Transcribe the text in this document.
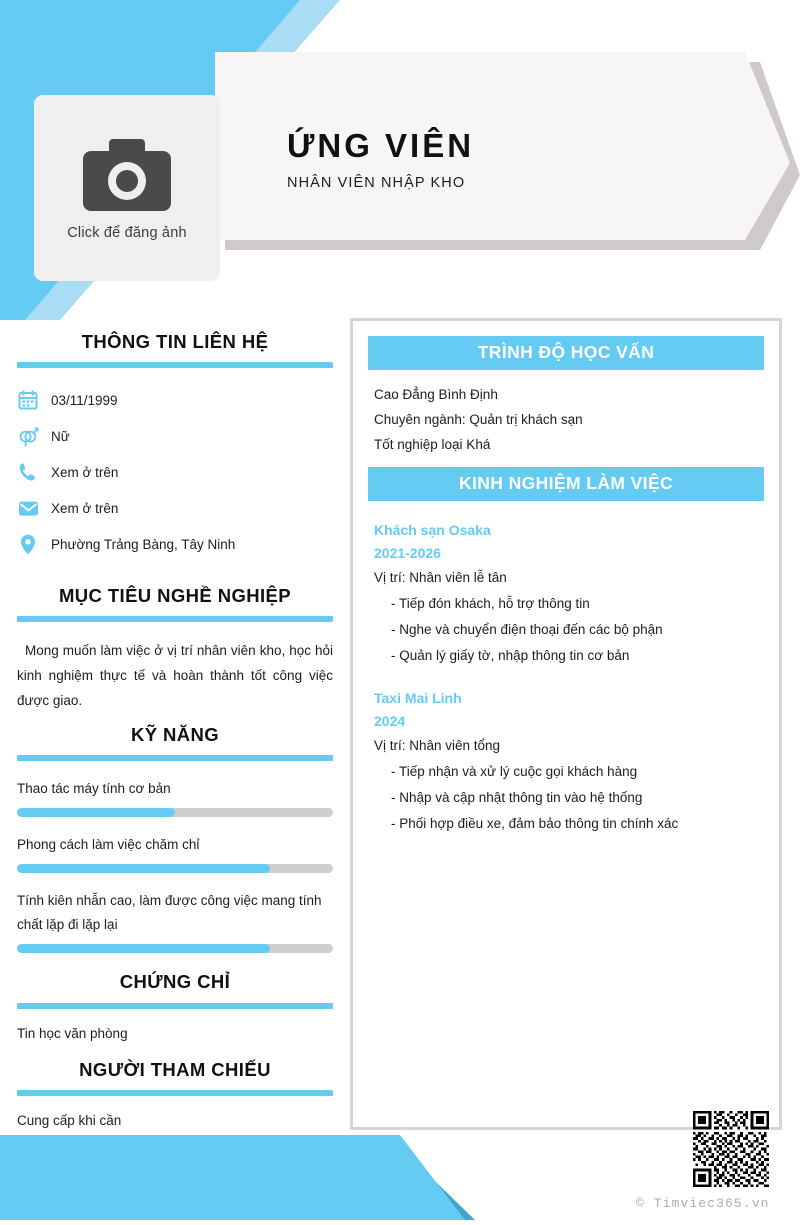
Click để đăng ảnh
ỨNG VIÊN
NHÂN VIÊN NHẬP KHO
THÔNG TIN LIÊN HỆ
03/11/1999
Nữ
Xem ở trên
Xem ở trên
Phường Trảng Bàng, Tây Ninh
MỤC TIÊU NGHỀ NGHIỆP

Mong muốn làm việc ở vị trí nhân viên kho, học hỏi kinh nghiệm thực tế và hoàn thành tốt công việc được giao.

KỸ NĂNG
Thao tác máy tính cơ bản
Phong cách làm việc chăm chỉ
Tính kiên nhẫn cao, làm được công việc mang tính chất lặp đi lặp lại
CHỨNG CHỈ
Tin học văn phòng
NGƯỜI THAM CHIẾU
Cung cấp khi cần
TRÌNH ĐỘ HỌC VẤN
Cao Đẳng Bình Định
Chuyên ngành: Quản trị khách sạn
Tốt nghiệp loại Khá
KINH NGHIỆM LÀM VIỆC
Khách sạn Osaka
2021-2026
Vị trí: Nhân viên lễ tân
- Tiếp đón khách, hỗ trợ thông tin
- Nghe và chuyển điện thoại đến các bộ phận
- Quản lý giấy tờ, nhập thông tin cơ bản
Taxi Mai Linh
2024
Vị trí: Nhân viên tổng
- Tiếp nhận và xử lý cuộc gọi khách hàng
- Nhập và cập nhật thông tin vào hệ thống
- Phối hợp điều xe, đảm bảo thông tin chính xác
© Timviec365.vn
